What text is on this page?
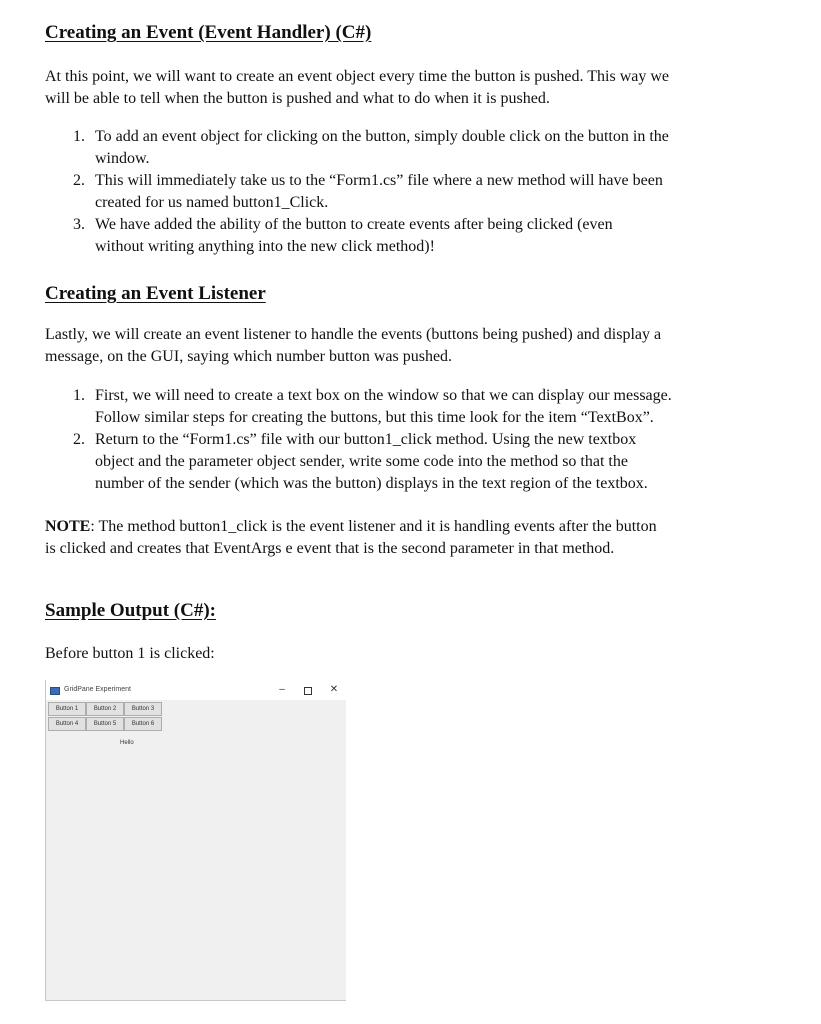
Creating an Event (Event Handler) (C#)
At this point, we will want to create an event object every time the button is pushed. This way we
will be able to tell when the button is pushed and what to do when it is pushed.
1. To add an event object for clicking on the button, simply double click on the button in the
window.
2. This will immediately take us to the “Form1.cs” file where a new method will have been
created for us named button1_Click.
3. We have added the ability of the button to create events after being clicked (even
without writing anything into the new click method)!
Creating an Event Listener
Lastly, we will create an event listener to handle the events (buttons being pushed) and display a
message, on the GUI, saying which number button was pushed.
1. First, we will need to create a text box on the window so that we can display our message.
Follow similar steps for creating the buttons, but this time look for the item “TextBox”.
2. Return to the “Form1.cs” file with our button1_click method. Using the new textbox
object and the parameter object sender, write some code into the method so that the
number of the sender (which was the button) displays in the text region of the textbox.
NOTE: The method button1_click is the event listener and it is handling events after the button
is clicked and creates that EventArgs e event that is the second parameter in that method.
Sample Output (C#):
Before button 1 is clicked:
GridPane Experiment	–	✕
Button 1	Button 2	Button 3
Button 4	Button 5	Button 6
Hello
